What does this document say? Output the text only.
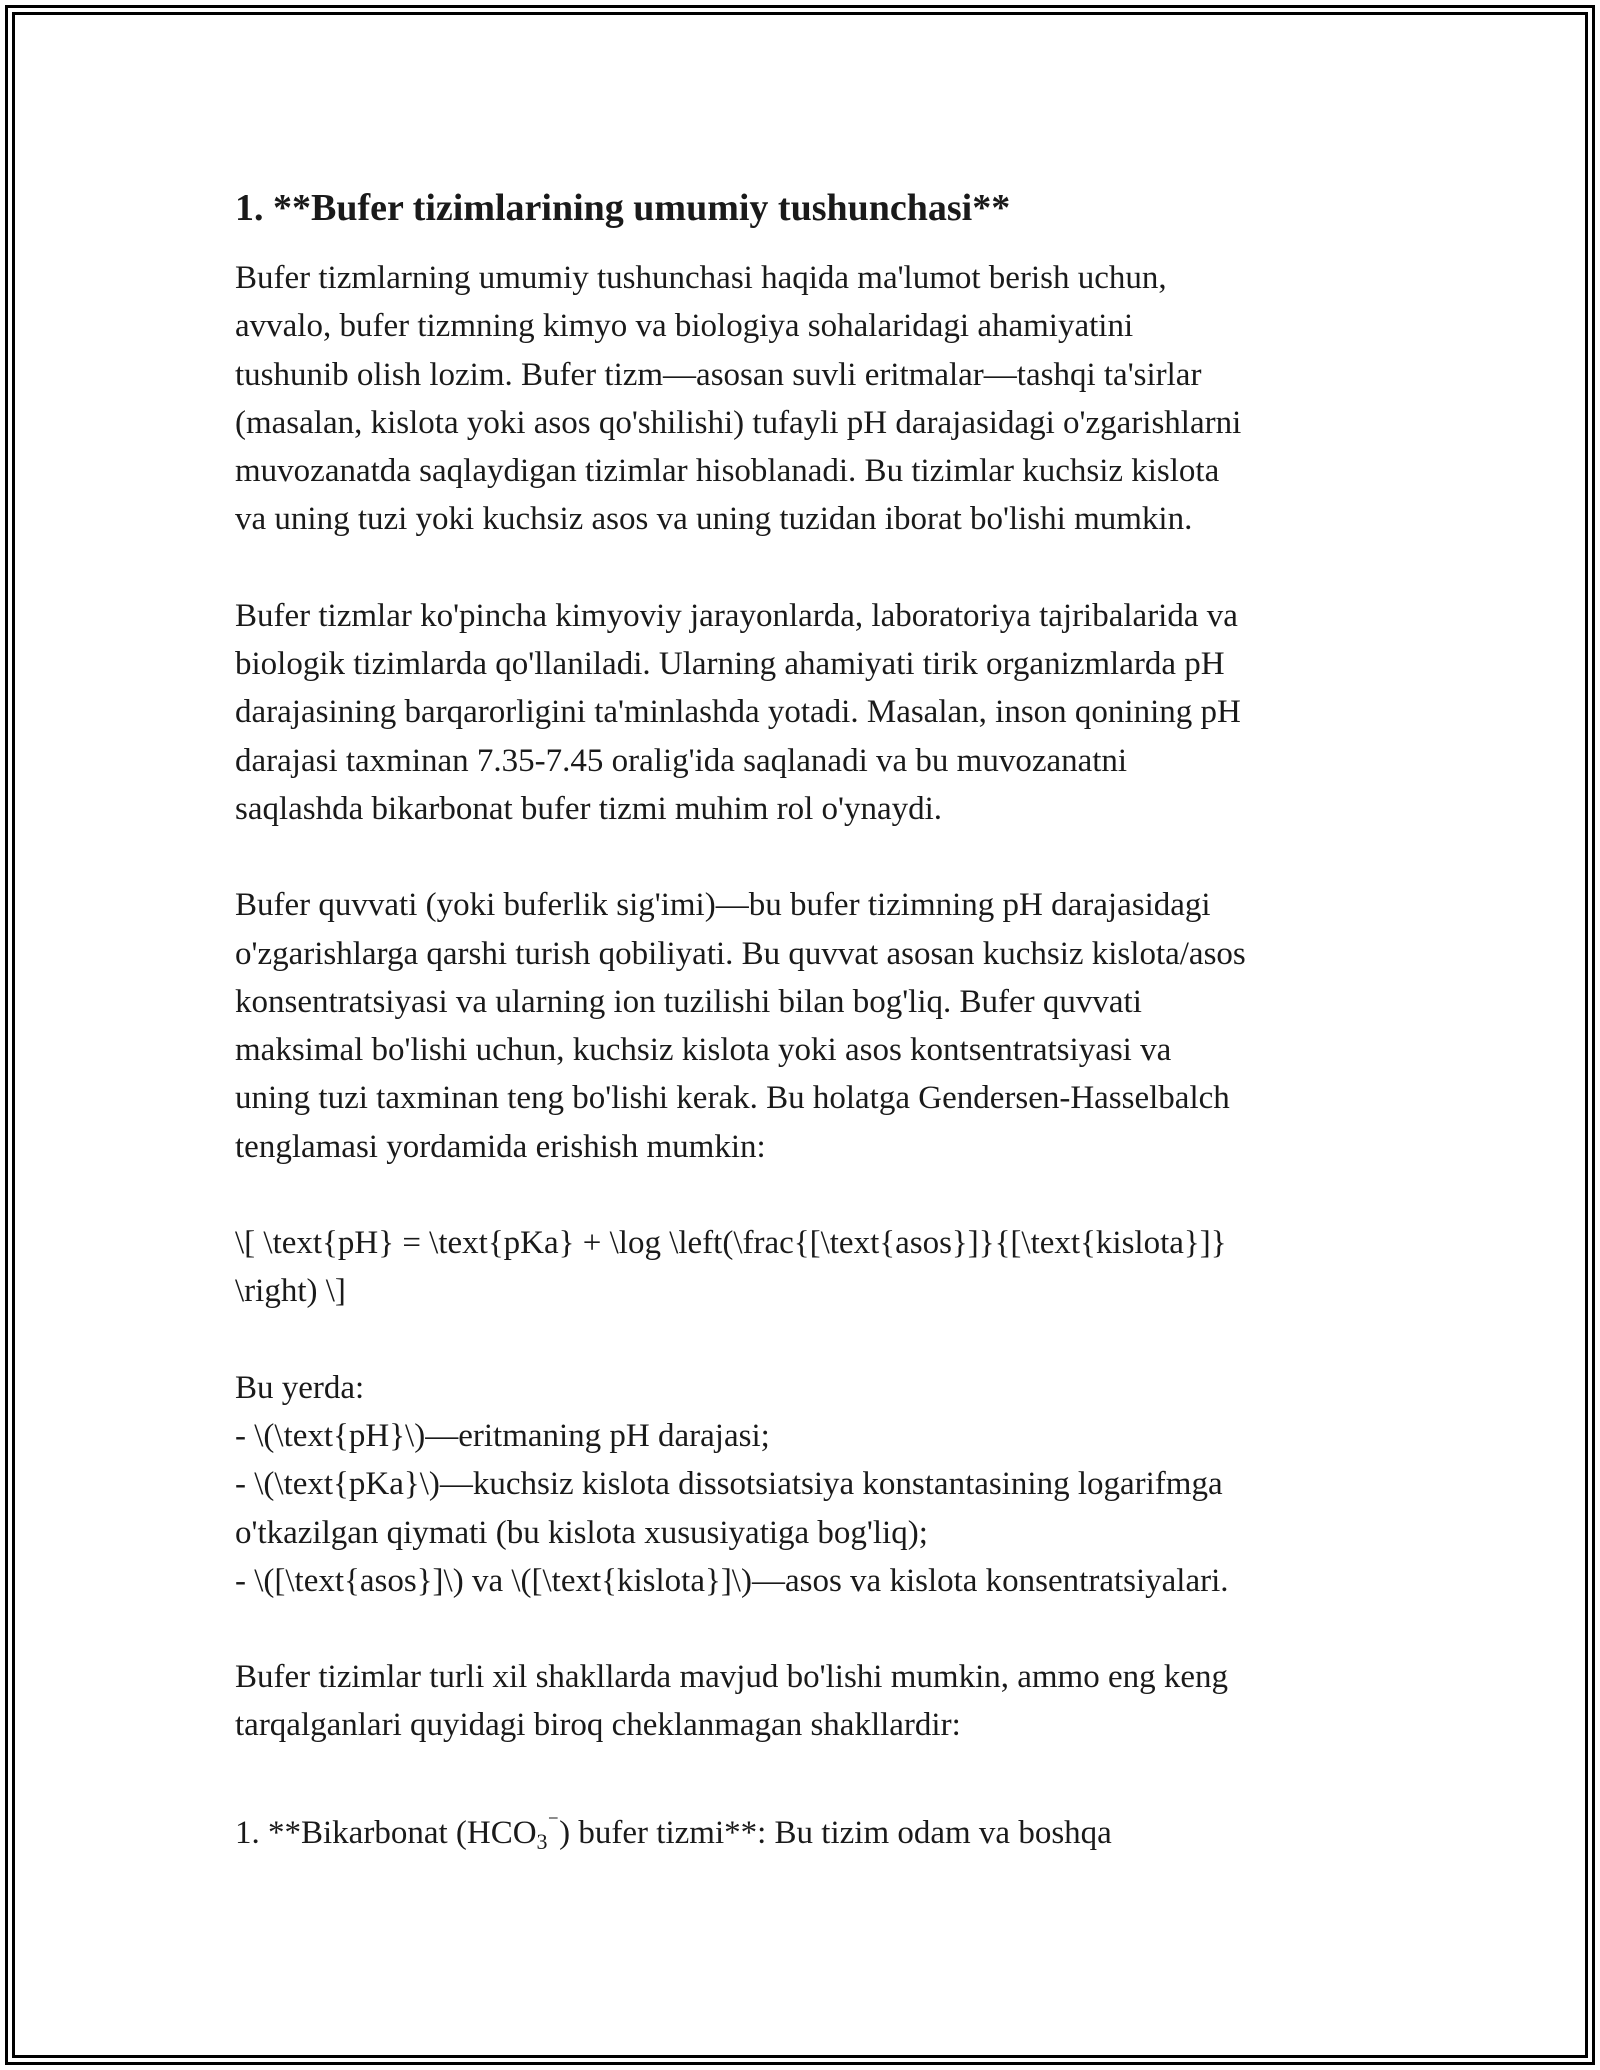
1. **Bufer tizimlarining umumiy tushunchasi**
Bufer tizmlarning umumiy tushunchasi haqida ma'lumot berish uchun,
avvalo, bufer tizmning kimyo va biologiya sohalaridagi ahamiyatini
tushunib olish lozim. Bufer tizm—asosan suvli eritmalar—tashqi ta'sirlar
(masalan, kislota yoki asos qo'shilishi) tufayli pH darajasidagi o'zgarishlarni
muvozanatda saqlaydigan tizimlar hisoblanadi. Bu tizimlar kuchsiz kislota
va uning tuzi yoki kuchsiz asos va uning tuzidan iborat bo'lishi mumkin.
Bufer tizmlar ko'pincha kimyoviy jarayonlarda, laboratoriya tajribalarida va
biologik tizimlarda qo'llaniladi. Ularning ahamiyati tirik organizmlarda pH
darajasining barqarorligini ta'minlashda yotadi. Masalan, inson qonining pH
darajasi taxminan 7.35-7.45 oralig'ida saqlanadi va bu muvozanatni
saqlashda bikarbonat bufer tizmi muhim rol o'ynaydi.
Bufer quvvati (yoki buferlik sig'imi)—bu bufer tizimning pH darajasidagi
o'zgarishlarga qarshi turish qobiliyati. Bu quvvat asosan kuchsiz kislota/asos
konsentratsiyasi va ularning ion tuzilishi bilan bog'liq. Bufer quvvati
maksimal bo'lishi uchun, kuchsiz kislota yoki asos kontsentratsiyasi va
uning tuzi taxminan teng bo'lishi kerak. Bu holatga Gendersen-Hasselbalch
tenglamasi yordamida erishish mumkin:
\[ \text{pH} = \text{pKa} + \log \left(\frac{[\text{asos}]}{[\text{kislota}]}
\right) \]
Bu yerda:
- \(\text{pH}\)—eritmaning pH darajasi;
- \(\text{pKa}\)—kuchsiz kislota dissotsiatsiya konstantasining logarifmga
o'tkazilgan qiymati (bu kislota xususiyatiga bog'liq);
- \([\text{asos}]\) va \([\text{kislota}]\)—asos va kislota konsentratsiyalari.
Bufer tizimlar turli xil shakllarda mavjud bo'lishi mumkin, ammo eng keng
tarqalganlari quyidagi biroq cheklanmagan shakllardir:
1. **Bikarbonat $(HCO_3^{^-})$ bufer tizmi**: Bu tizim odam va boshqa
